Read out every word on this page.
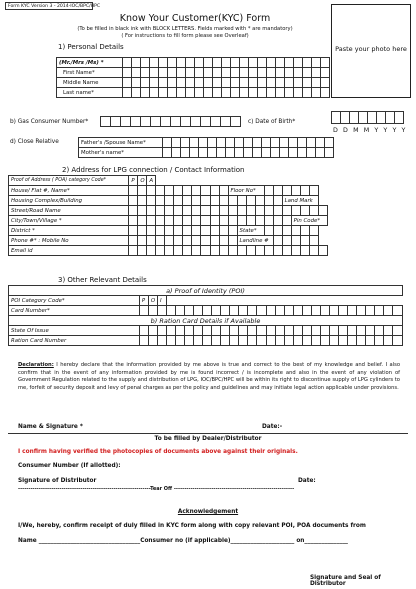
Form KYC Version 3 - 2014-IOC/BPC/HPC
Paste your photo here
Know Your Customer(KYC) Form
(To be filled in black ink with BLOCK LETTERS. Fields marked with * are mandatory)
( For instructions to fill form please see Overleaf)
1) Personal Details
(Mr./Mrs /Ms) *																							
First Name*																							
Middle Name																							
Last name*																							
b) Gas Consumer Number*
														c) Date of Birth*

D D M M Y Y Y Y
d) Close Relative	Father's /Spouse Name*																			
Mother's name*																			
2) Address for LPG connection / Contact Information
Proof of Address ( POA) category Code*	P	O	A																			
House/ Flat #, Name*												Floor No*										
Housing Complex/Building																		Land Mark				
Street/Road Name																						
City/Town/Village *																			Pin Code*			
District *													State*									
Phone #* : Mobile No													Landline #									
Email id																						
3) Other Relevant Details
a) Proof of Identity (POI)																													
POI Category Code*	P	O	I																										
Card Number*																													
b) Ration Card Details if Available																													
State Of Issue																													
Ration Card Number																													
Declaration: I hereby declare that the information provided by me above is true and correct to the best of my knowledge and belief. I also confirm that in the event of any information provided by me is found incorrect / is incomplete and also in the event of any violation of Government Regulation related to the supply and distribution of LPG, IOC/BPC/HPC will be within its right to discontinue supply of LPG cylinders to me, forfeit of security deposit and levy of penal charges as per the policy and guidelines and may initiate legal action applicable under provisions.
Name & Signature *	Date:-
To be filled by Dealer/Distributor
I confirm having verified the photocopies of documents above against their originals.
Consumer Number (If allotted):
Signature of Distributor	Date:
----------------------------------------------------------------Tear Off ----------------------------------------------------------
Acknowledgement
I/We, hereby, confirm receipt of duly filled in KYC form along with copy relevant POI, POA documents from
Name ___________________________________Consumer no (if applicable)______________________ on_______________
Signature and Seal of Distributor
